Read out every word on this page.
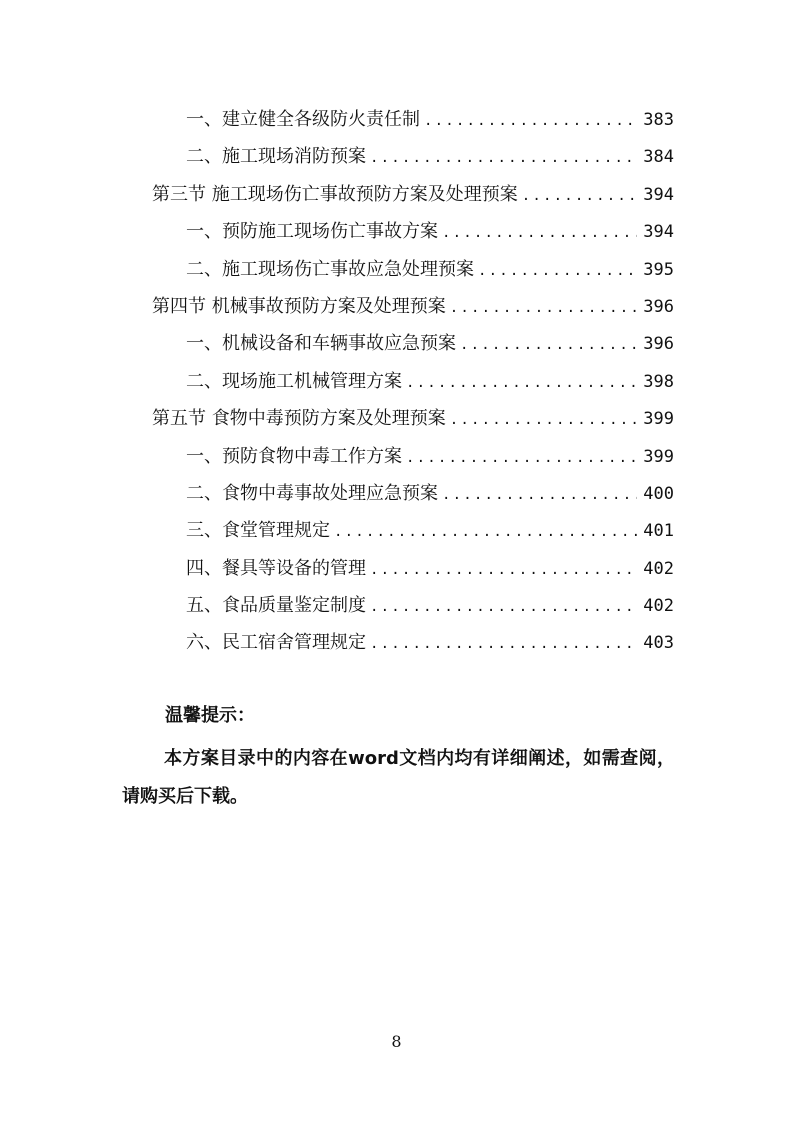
一、建立健全各级防火责任制 .....	383
二、施工现场消防预案 .....	384
第三节 施工现场伤亡事故预防方案及处理预案 .....	394
一、预防施工现场伤亡事故方案 .....	394
二、施工现场伤亡事故应急处理预案 .....	395
第四节 机械事故预防方案及处理预案 .....	396
一、机械设备和车辆事故应急预案 .....	396
二、现场施工机械管理方案 .....	398
第五节 食物中毒预防方案及处理预案 .....	399
一、预防食物中毒工作方案 .....	399
二、食物中毒事故处理应急预案 .....	400
三、食堂管理规定 .....	401
四、餐具等设备的管理 .....	402
五、食品质量鉴定制度 .....	402
六、民工宿舍管理规定 .....	403
温馨提示：
本方案目录中的内容在word文档内均有详细阐述，如需查阅，请购买后下载。
8
